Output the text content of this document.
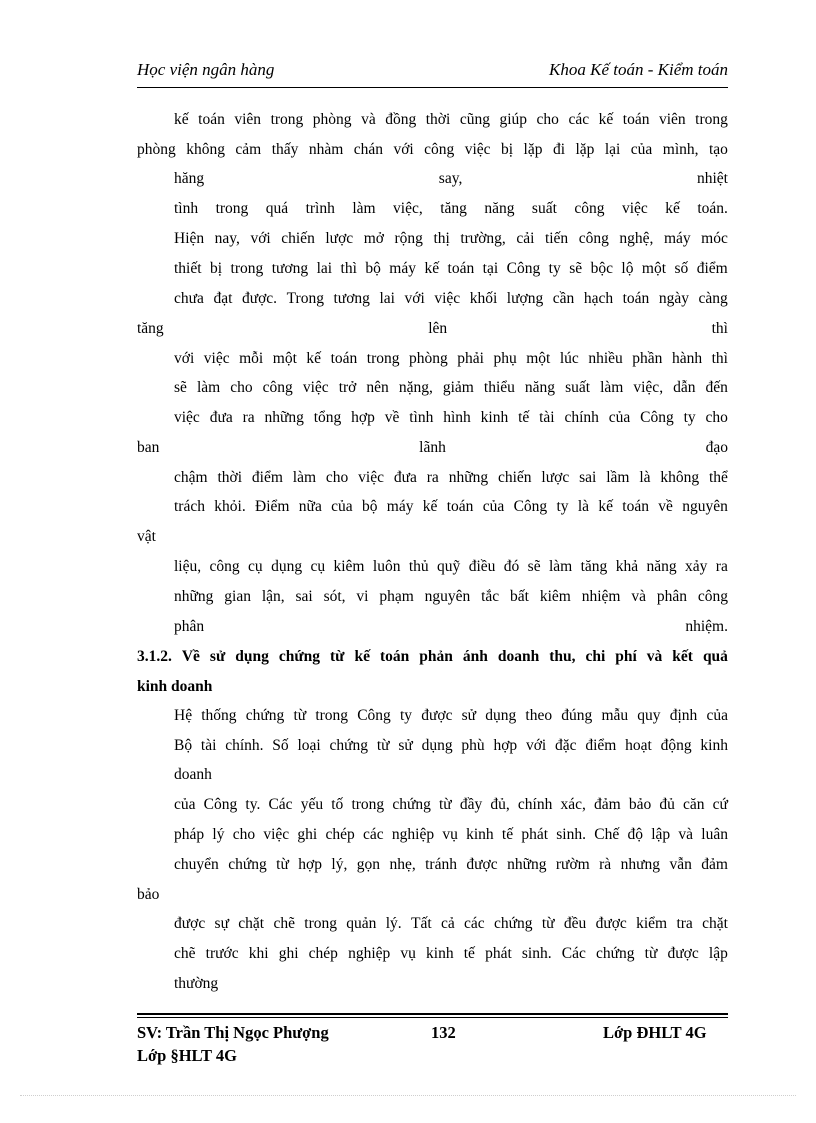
Học viện ngân hàng	Khoa Kế toán - Kiểm toán
kế toán viên trong phòng và đồng thời cũng giúp cho các kế toán viên trong
phòng không cảm thấy nhàm chán với công việc bị lặp đi lặp lại của mình, tạo
hăng	say,	nhiệt
tình trong quá trình làm việc, tăng năng suất công việc kế toán.
Hiện nay, với chiến lược mở rộng thị trường, cải tiến công nghệ, máy móc
thiết bị trong tương lai thì bộ máy kế toán tại Công ty sẽ bộc lộ một số điểm
chưa đạt được. Trong tương lai với việc khối lượng cần hạch toán ngày càng
tăng	lên	thì
với việc mỗi một kế toán trong phòng phải phụ một lúc nhiều phần hành thì
sẽ làm cho công việc trở nên nặng, giảm thiểu năng suất làm việc, dẫn đến
việc đưa ra những tổng hợp về tình hình kinh tế tài chính của Công ty cho
ban	lãnh	đạo
chậm thời điểm làm cho việc đưa ra những chiến lược sai lầm là không thể
trách khỏi. Điểm nữa của bộ máy kế toán của Công ty là kế toán về nguyên
vật
liệu, công cụ dụng cụ kiêm luôn thủ quỹ điều đó sẽ làm tăng khả năng xảy ra
những gian lận, sai sót, vi phạm nguyên tắc bất kiêm nhiệm và phân công
phân	nhiệm.
3.1.2. Về sử dụng chứng từ kế toán phản ánh doanh thu, chi phí và kết quả
kinh doanh
Hệ thống chứng từ trong Công ty được sử dụng theo đúng mẫu quy định của
Bộ tài chính. Số loại chứng từ sử dụng phù hợp với đặc điểm hoạt động kinh
doanh
của Công ty. Các yếu tố trong chứng từ đầy đủ, chính xác, đảm bảo đủ căn cứ
pháp lý cho việc ghi chép các nghiệp vụ kinh tế phát sinh. Chế độ lập và luân
chuyển chứng từ hợp lý, gọn nhẹ, tránh được những rườm rà nhưng vẫn đảm
bảo
được sự chặt chẽ trong quản lý. Tất cả các chứng từ đều được kiểm tra chặt
chẽ trước khi ghi chép nghiệp vụ kinh tế phát sinh. Các chứng từ được lập
thường
SV: Trần Thị Ngọc Phượng	132	Lớp ĐHLT 4G
Lớp §HLT 4G
